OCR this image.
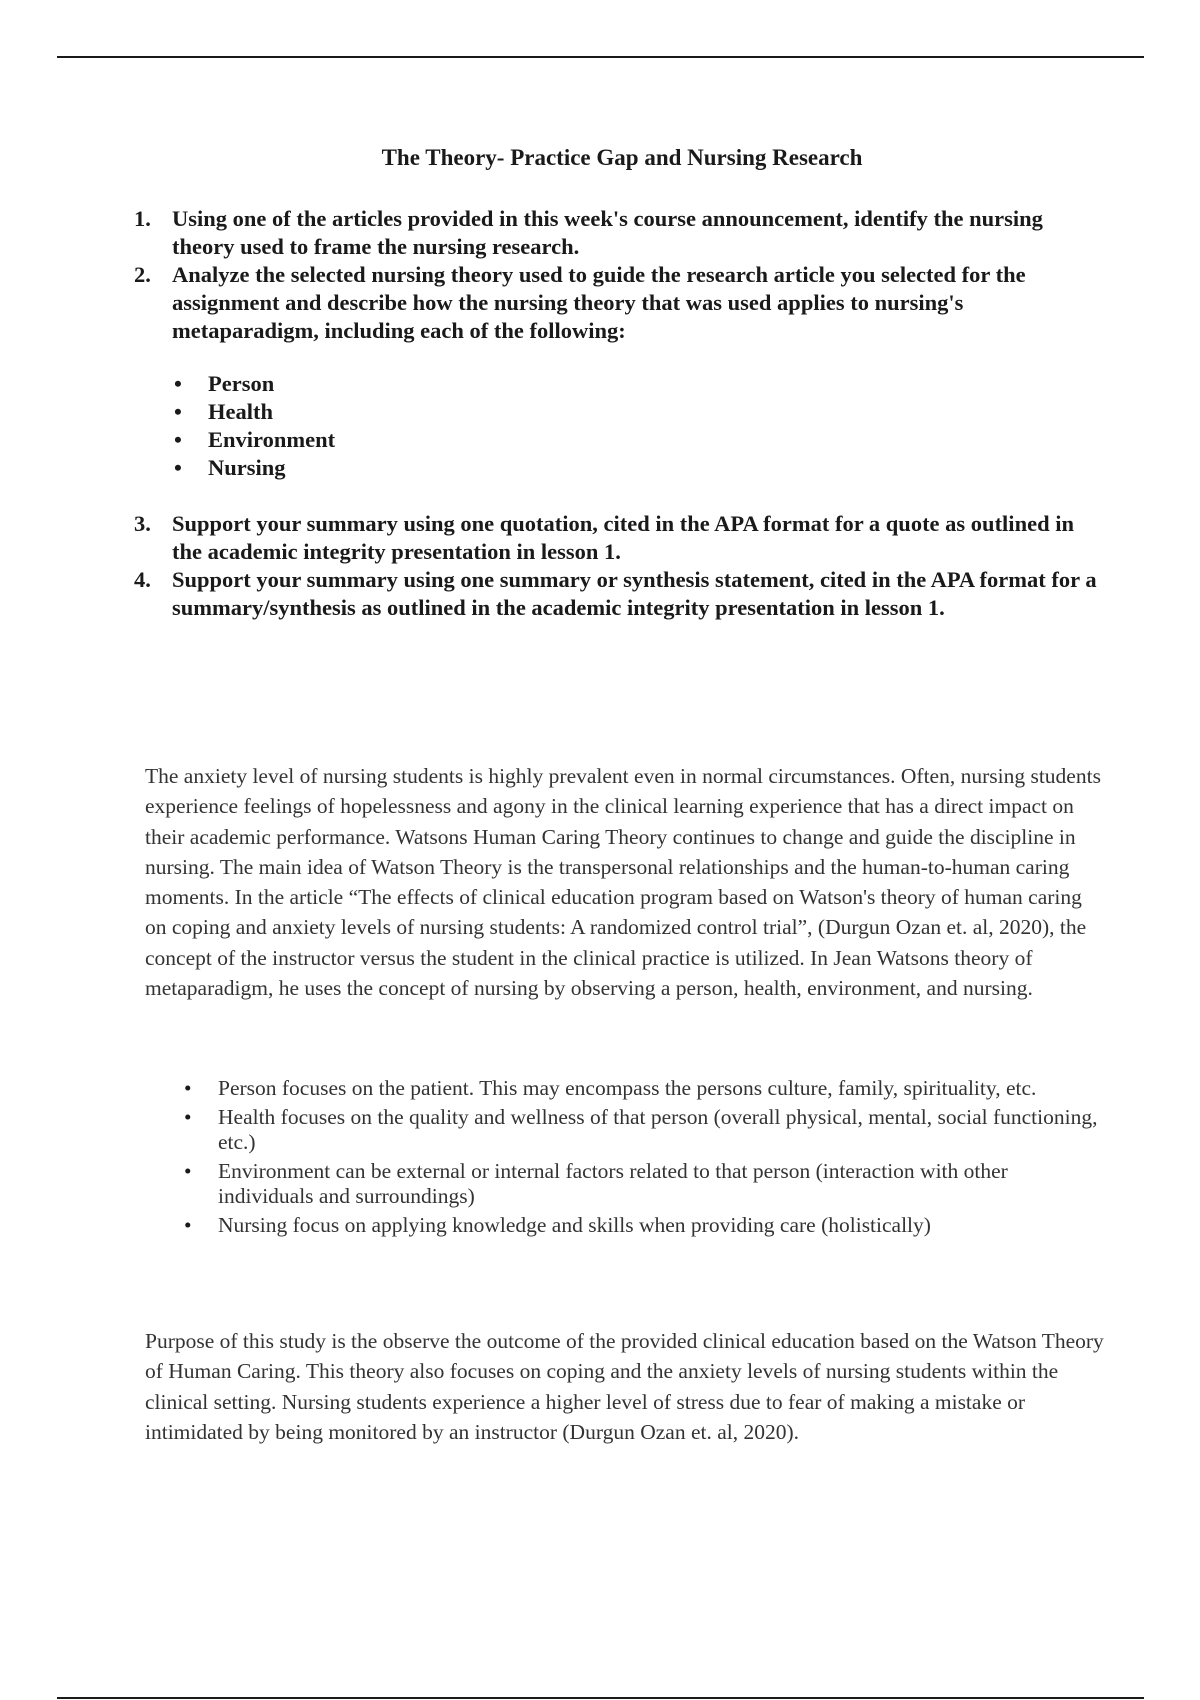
The Theory- Practice Gap and Nursing Research
1. Using one of the articles provided in this week's course announcement, identify the nursing theory used to frame the nursing research.
2. Analyze the selected nursing theory used to guide the research article you selected for the assignment and describe how the nursing theory that was used applies to nursing's metaparadigm, including each of the following:
• Person
• Health
• Environment
• Nursing
3. Support your summary using one quotation, cited in the APA format for a quote as outlined in the academic integrity presentation in lesson 1.
4. Support your summary using one summary or synthesis statement, cited in the APA format for a summary/synthesis as outlined in the academic integrity presentation in lesson 1.

The anxiety level of nursing students is highly prevalent even in normal circumstances. Often, nursing students experience feelings of hopelessness and agony in the clinical learning experience that has a direct impact on their academic performance. Watsons Human Caring Theory continues to change and guide the discipline in nursing. The main idea of Watson Theory is the transpersonal relationships and the human-to-human caring moments. In the article “The effects of clinical education program based on Watson's theory of human caring on coping and anxiety levels of nursing students: A randomized control trial”, (Durgun Ozan et. al, 2020), the concept of the instructor versus the student in the clinical practice is utilized. In Jean Watsons theory of metaparadigm, he uses the concept of nursing by observing a person, health, environment, and nursing.

• Person focuses on the patient. This may encompass the persons culture, family, spirituality, etc.
• Health focuses on the quality and wellness of that person (overall physical, mental, social functioning, etc.)
• Environment can be external or internal factors related to that person (interaction with other individuals and surroundings)
• Nursing focus on applying knowledge and skills when providing care (holistically)

Purpose of this study is the observe the outcome of the provided clinical education based on the Watson Theory of Human Caring. This theory also focuses on coping and the anxiety levels of nursing students within the clinical setting. Nursing students experience a higher level of stress due to fear of making a mistake or intimidated by being monitored by an instructor (Durgun Ozan et. al, 2020).
